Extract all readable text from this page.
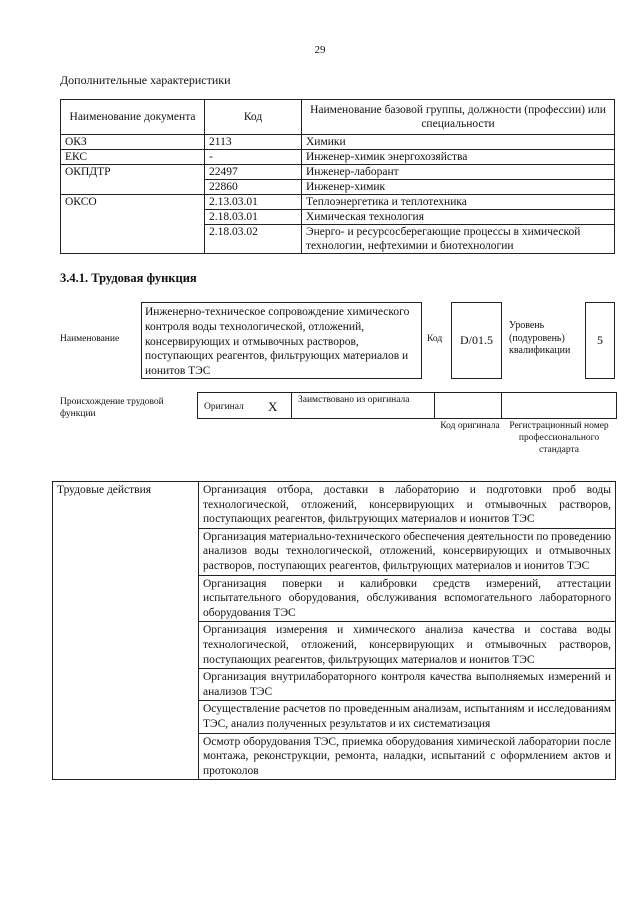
29
Дополнительные характеристики
Наименование документа	Код	Наименование базовой группы, должности (профессии) или специальности
ОКЗ	2113	Химики
ЕКС	-	Инженер-химик энергохозяйства
ОКПДТР	22497	Инженер-лаборант
	22860	Инженер-химик
ОКСО	2.13.03.01	Теплоэнергетика и теплотехника
	2.18.03.01	Химическая технология
	2.18.03.02	Энерго- и ресурсосберегающие процессы в химической технологии, нефтехимии и биотехнологии
3.4.1. Трудовая функция
Наименование
Инженерно-техническое сопровождение химического контроля воды технологической, отложений, консервирующих и отмывочных растворов, поступающих реагентов, фильтрующих материалов и ионитов ТЭС
Код	D/01.5
Уровень (подуровень) квалификации
5
Происхождение трудовой функции
Оригинал X Заимствовано из оригинала
Код оригинала	Регистрационный номер профессионального стандарта
Трудовые действия	Организация отбора, доставки в лабораторию и подготовки проб воды технологической, отложений, консервирующих и отмывочных растворов, поступающих реагентов, фильтрующих материалов и ионитов ТЭС
Организация материально-технического обеспечения деятельности по проведению анализов воды технологической, отложений, консервирующих и отмывочных растворов, поступающих реагентов, фильтрующих материалов и ионитов ТЭС
Организация поверки и калибровки средств измерений, аттестации испытательного оборудования, обслуживания вспомогательного лабораторного оборудования ТЭС
Организация измерения и химического анализа качества и состава воды технологической, отложений, консервирующих и отмывочных растворов, поступающих реагентов, фильтрующих материалов и ионитов ТЭС
Организация внутрилабораторного контроля качества выполняемых измерений и анализов ТЭС
Осуществление расчетов по проведенным анализам, испытаниям и исследованиям ТЭС, анализ полученных результатов и их систематизация
Осмотр оборудования ТЭС, приемка оборудования химической лаборатории после монтажа, реконструкции, ремонта, наладки, испытаний с оформлением актов и протоколов
